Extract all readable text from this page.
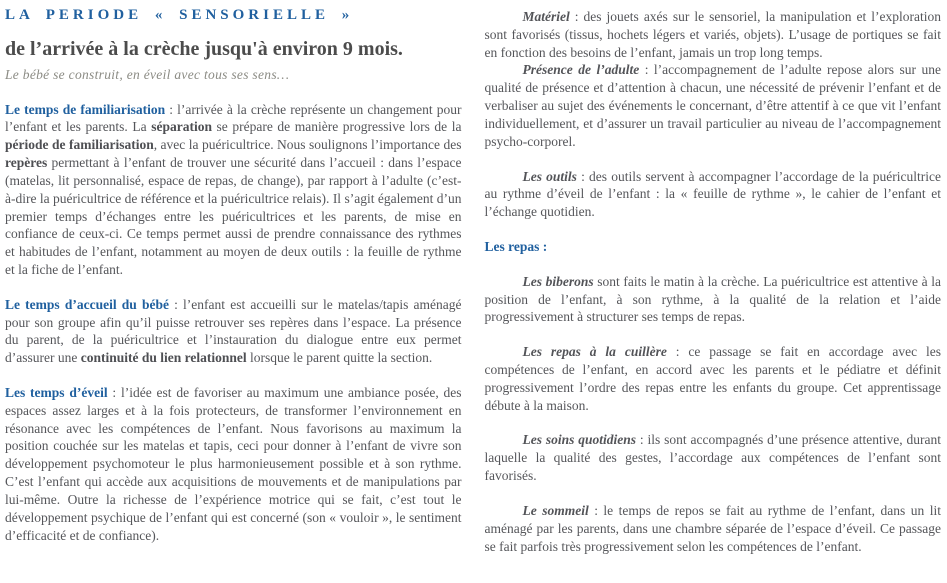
LA PERIODE « SENSORIELLE »
de l’arrivée à la crèche jusqu'à environ 9 mois.

Le bébé se construit, en éveil avec tous ses sens…

Le temps de familiarisation : l’arrivée à la crèche représente un changement pour l’enfant et les parents. La séparation se prépare de manière progressive lors de la période de familiarisation, avec la puéricultrice. Nous soulignons l’importance des repères permettant à l’enfant de trouver une sécurité dans l’accueil : dans l’espace (matelas, lit personnalisé, espace de repas, de change), par rapport à l’adulte (c’est-à-dire la puéricultrice de référence et la puéricultrice relais). Il s’agit également d’un premier temps d’échanges entre les puéricultrices et les parents, de mise en confiance de ceux-ci. Ce temps permet aussi de prendre connaissance des rythmes et habitudes de l’enfant, notamment au moyen de deux outils : la feuille de rythme et la fiche de l’enfant.

Le temps d’accueil du bébé : l’enfant est accueilli sur le matelas/tapis aménagé pour son groupe afin qu’il puisse retrouver ses repères dans l’espace. La présence du parent, de la puéricultrice et l’instauration du dialogue entre eux permet d’assurer une continuité du lien relationnel lorsque le parent quitte la section.

Les temps d’éveil : l’idée est de favoriser au maximum une ambiance posée, des espaces assez larges et à la fois protecteurs, de transformer l’environnement en résonance avec les compétences de l’enfant. Nous favorisons au maximum la position couchée sur les matelas et tapis, ceci pour donner à l’enfant de vivre son développement psychomoteur le plus harmonieusement possible et à son rythme. C’est l’enfant qui accède aux acquisitions de mouvements et de manipulations par lui-même. Outre la richesse de l’expérience motrice qui se fait, c’est tout le développement psychique de l’enfant qui est concerné (son « vouloir », le sentiment d’efficacité et de confiance).

Matériel : des jouets axés sur le sensoriel, la manipulation et l’exploration sont favorisés (tissus, hochets légers et variés, objets). L’usage de portiques se fait en fonction des besoins de l’enfant, jamais un trop long temps.

Présence de l’adulte : l’accompagnement de l’adulte repose alors sur une qualité de présence et d’attention à chacun, une nécessité de prévenir l’enfant et de verbaliser au sujet des événements le concernant, d’être attentif à ce que vit l’enfant individuellement, et d’assurer un travail particulier au niveau de l’accompagnement psycho-corporel.

Les outils : des outils servent à accompagner l’accordage de la puéricultrice au rythme d’éveil de l’enfant : la « feuille de rythme », le cahier de l’enfant et l’échange quotidien.

Les repas :

Les biberons sont faits le matin à la crèche. La puéricultrice est attentive à la position de l’enfant, à son rythme, à la qualité de la relation et l’aide progressivement à structurer ses temps de repas.

Les repas à la cuillère : ce passage se fait en accordage avec les compétences de l’enfant, en accord avec les parents et le pédiatre et définit progressivement l’ordre des repas entre les enfants du groupe. Cet apprentissage débute à la maison.

Les soins quotidiens : ils sont accompagnés d’une présence attentive, durant laquelle la qualité des gestes, l’accordage aux compétences de l’enfant sont favorisés.

Le sommeil : le temps de repos se fait au rythme de l’enfant, dans un lit aménagé par les parents, dans une chambre séparée de l’espace d’éveil. Ce passage se fait parfois très progressivement selon les compétences de l’enfant.
